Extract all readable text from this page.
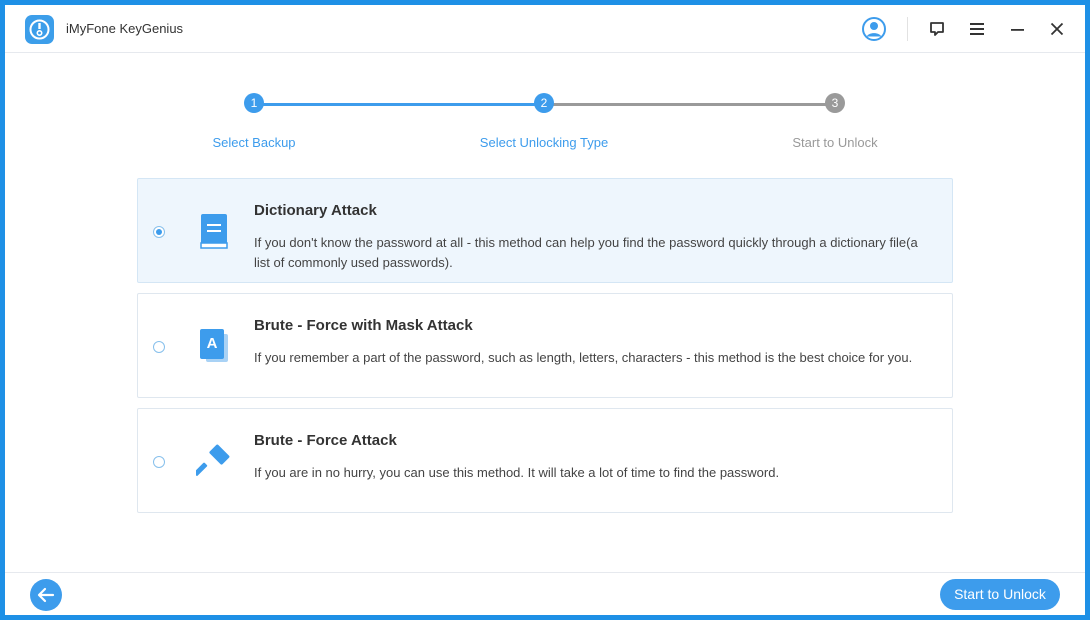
iMyFone KeyGenius
1	2	3
Select Backup	Select Unlocking Type	Start to Unlock
Dictionary Attack
If you don't know the password at all - this method can help you find the password quickly through a dictionary file(a list of commonly used passwords).
A
Brute - Force with Mask Attack
If you remember a part of the password, such as length, letters, characters - this method is the best choice for you.
Brute - Force Attack
If you are in no hurry, you can use this method. It will take a lot of time to find the password.
Start to Unlock
